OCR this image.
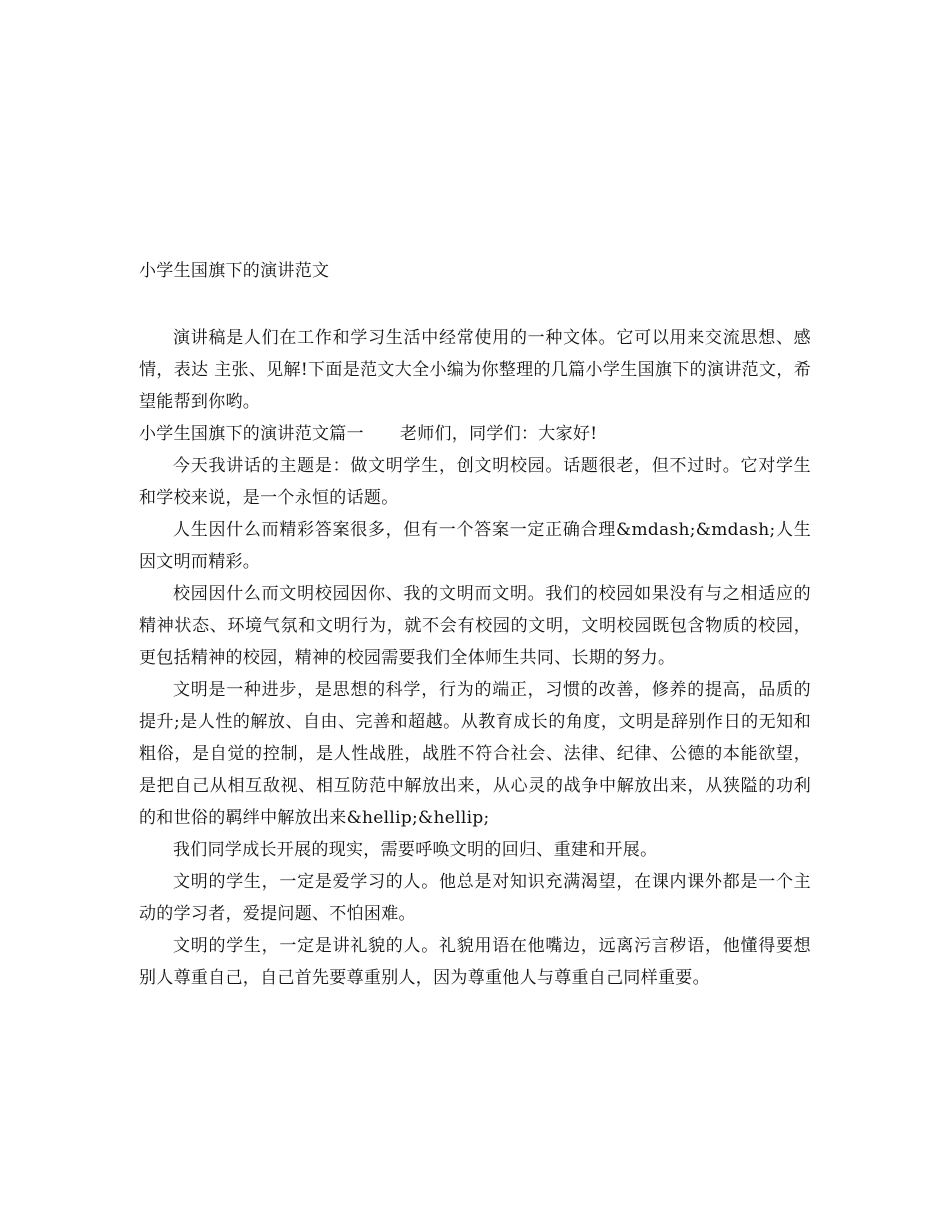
小学生国旗下的演讲范文

演讲稿是人们在工作和学习生活中经常使用的一种文体。它可以用来交流思想、感情，表达 主张、见解!下面是范文大全小编为你整理的几篇小学生国旗下的演讲范文，希望能帮到你哟。

小学生国旗下的演讲范文篇一 老师们，同学们：大家好!

今天我讲话的主题是：做文明学生，创文明校园。话题很老，但不过时。它对学生和学校来说，是一个永恒的话题。

人生因什么而精彩答案很多，但有一个答案一定正确合理&mdash;&mdash;人生因文明而精彩。

校园因什么而文明校园因你、我的文明而文明。我们的校园如果没有与之相适应的精神状态、环境气氛和文明行为，就不会有校园的文明，文明校园既包含物质的校园，更包括精神的校园，精神的校园需要我们全体师生共同、长期的努力。

文明是一种进步，是思想的科学，行为的端正，习惯的改善，修养的提高，品质的提升;是人性的解放、自由、完善和超越。从教育成长的角度，文明是辞别作日的无知和粗俗，是自觉的控制，是人性战胜，战胜不符合社会、法律、纪律、公德的本能欲望，是把自己从相互敌视、相互防范中解放出来，从心灵的战争中解放出来，从狭隘的功利的和世俗的羁绊中解放出来&hellip;&hellip;

我们同学成长开展的现实，需要呼唤文明的回归、重建和开展。

文明的学生，一定是爱学习的人。他总是对知识充满渴望，在课内课外都是一个主动的学习者，爱提问题、不怕困难。

文明的学生，一定是讲礼貌的人。礼貌用语在他嘴边，远离污言秽语，他懂得要想别人尊重自己，自己首先要尊重别人，因为尊重他人与尊重自己同样重要。
